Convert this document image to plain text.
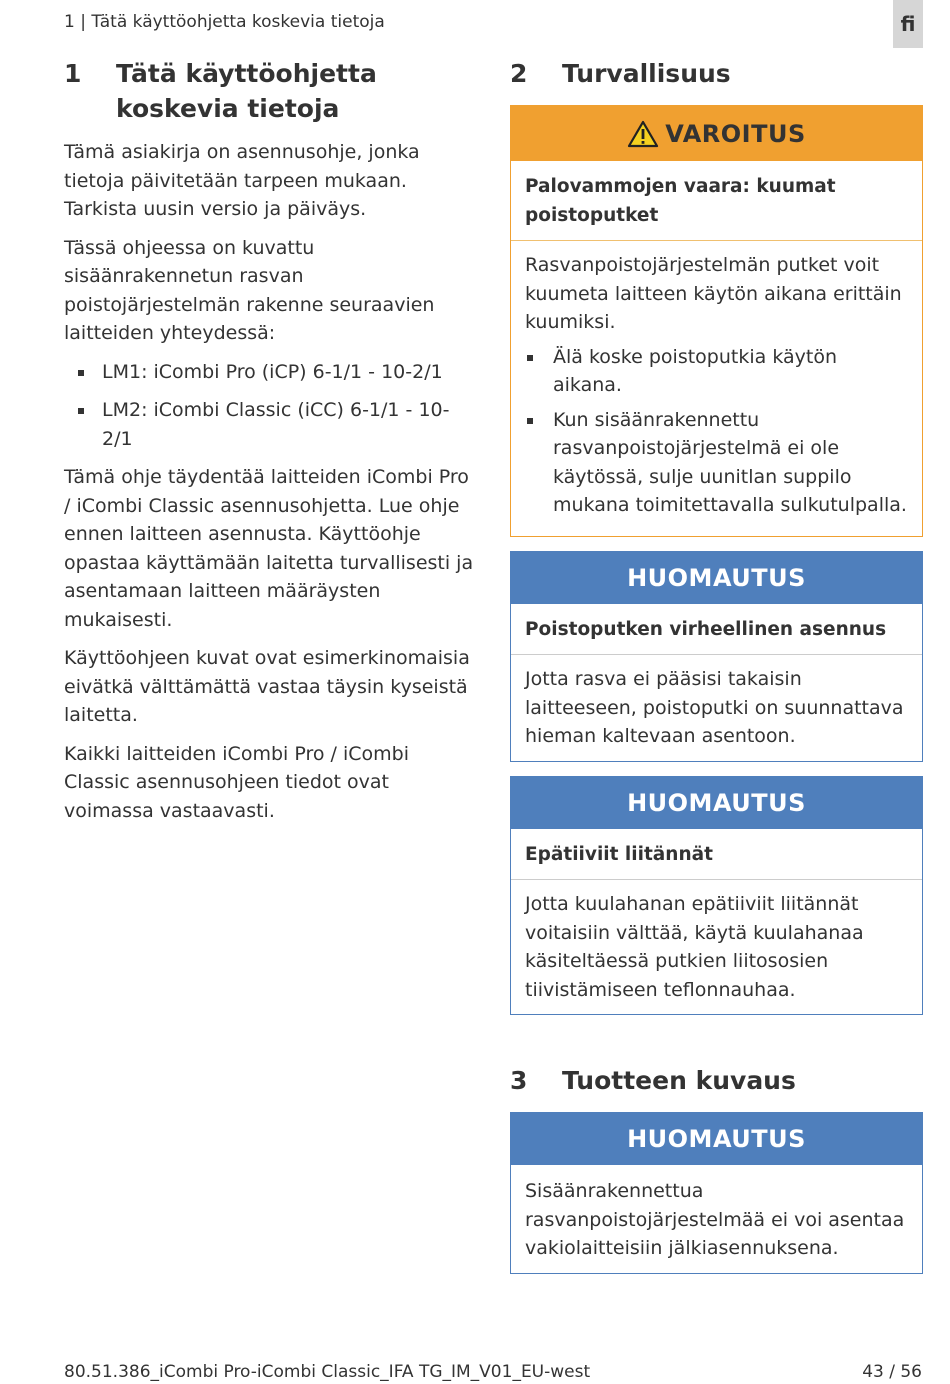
1 | Tätä käyttöohjetta koskevia tietoja	fi
1	Tätä käyttöohjetta koskevia tietoja

Tämä asiakirja on asennusohje, jonka tietoja päivitetään tarpeen mukaan. Tarkista uusin versio ja päiväys.

Tässä ohjeessa on kuvattu sisäänrakennetun rasvan poistojärjestelmän rakenne seuraavien laitteiden yhteydessä:

LM1: iCombi Pro (iCP) 6-1/1 - 10-2/1
LM2: iCombi Classic (iCC) 6-1/1 - 10-2/1

Tämä ohje täydentää laitteiden iCombi Pro / iCombi Classic asennusohjetta. Lue ohje ennen laitteen asennusta. Käyttöohje opastaa käyttämään laitetta turvallisesti ja asentamaan laitteen määräysten mukaisesti.

Käyttöohjeen kuvat ovat esimerkinomaisia eivätkä välttämättä vastaa täysin kyseistä laitetta.

Kaikki laitteiden iCombi Pro / iCombi Classic asennusohjeen tiedot ovat voimassa vastaavasti.

2	Turvallisuus
VAROITUS
Palovammojen vaara: kuumat poistoputket

Rasvanpoistojärjestelmän putket voit kuumeta laitteen käytön aikana erittäin kuumiksi.

Älä koske poistoputkia käytön aikana.
Kun sisäänrakennettu rasvanpoistojärjestelmä ei ole käytössä, sulje uunitlan suppilo mukana toimitettavalla sulkutulpalla.
HUOMAUTUS
Poistoputken virheellinen asennus

Jotta rasva ei pääsisi takaisin laitteeseen, poistoputki on suunnattava hieman kaltevaan asentoon.

HUOMAUTUS
Epätiiviit liitännät

Jotta kuulahanan epätiiviit liitännät voitaisiin välttää, käytä kuulahanaa käsiteltäessä putkien liitososien tiivistämiseen teflonnauhaa.

3	Tuotteen kuvaus
HUOMAUTUS

Sisäänrakennettua rasvanpoistojärjestelmää ei voi asentaa vakiolaitteisiin jälkiasennuksena.

80.51.386_iCombi Pro-iCombi Classic_IFA TG_IM_V01_EU-west	43 / 56
